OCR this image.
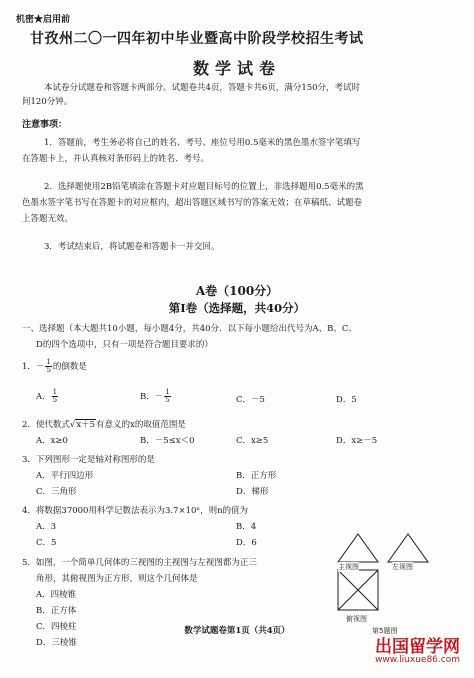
机密★启用前
甘孜州二〇一四年初中毕业暨高中阶段学校招生考试
数学试卷
本试卷分试题卷和答题卡两部分。试题卷共4页，答题卡共6页，满分150分，考试时
间120分钟。
注意事项：
1．答题前，考生务必将自己的姓名、考号、座位号用0.5毫米的黑色墨水签字笔填写
在答题卡上，并认真核对条形码上的姓名、考号。
2．选择题使用2B铅笔填涂在答题卡对应题目标号的位置上，非选择题用0.5毫米的黑
色墨水签字笔书写在答题卡的对应框内，超出答题区域书写的答案无效；在草稿纸、试题卷
上答题无效。
3．考试结束后，将试题卷和答题卡一并交回。
A卷（100分）
第Ⅰ卷（选择题，共40分）
一、选择题（本大题共10小题，每小题4分，共40分．以下每小题给出代号为A、B、C、
D的四个选项中，只有一项是符合题目要求的）
1．－ $\frac{1}{5}$ 的倒数是
A． $\frac{1}{5}$	B．－ $\frac{1}{5}$	C．－5	D．5
2．使代数式√x＋5有意义的x的取值范围是
A．x≥0	B．－5≤x＜0	C．x≥5	D．x≥－5
3．下列图形一定是轴对称图形的是
A．平行四边形	B．正方形
C．三角形	D．梯形
4．将数据37000用科学记数法表示为3.7×10ⁿ，则n的值为
A．3	B．4
C．5	D．6
5．如图，一个简单几何体的三视图的主视图与左视图都为正三
角形，其俯视图为正方形，则这个几何体是
A．四棱锥
B．正方体
C．四棱柱
D．三棱锥
主视图	左视图
俯视图
第5题图
数学试题卷第1页（共4页）
出国留学网
www.liuxue86.com
